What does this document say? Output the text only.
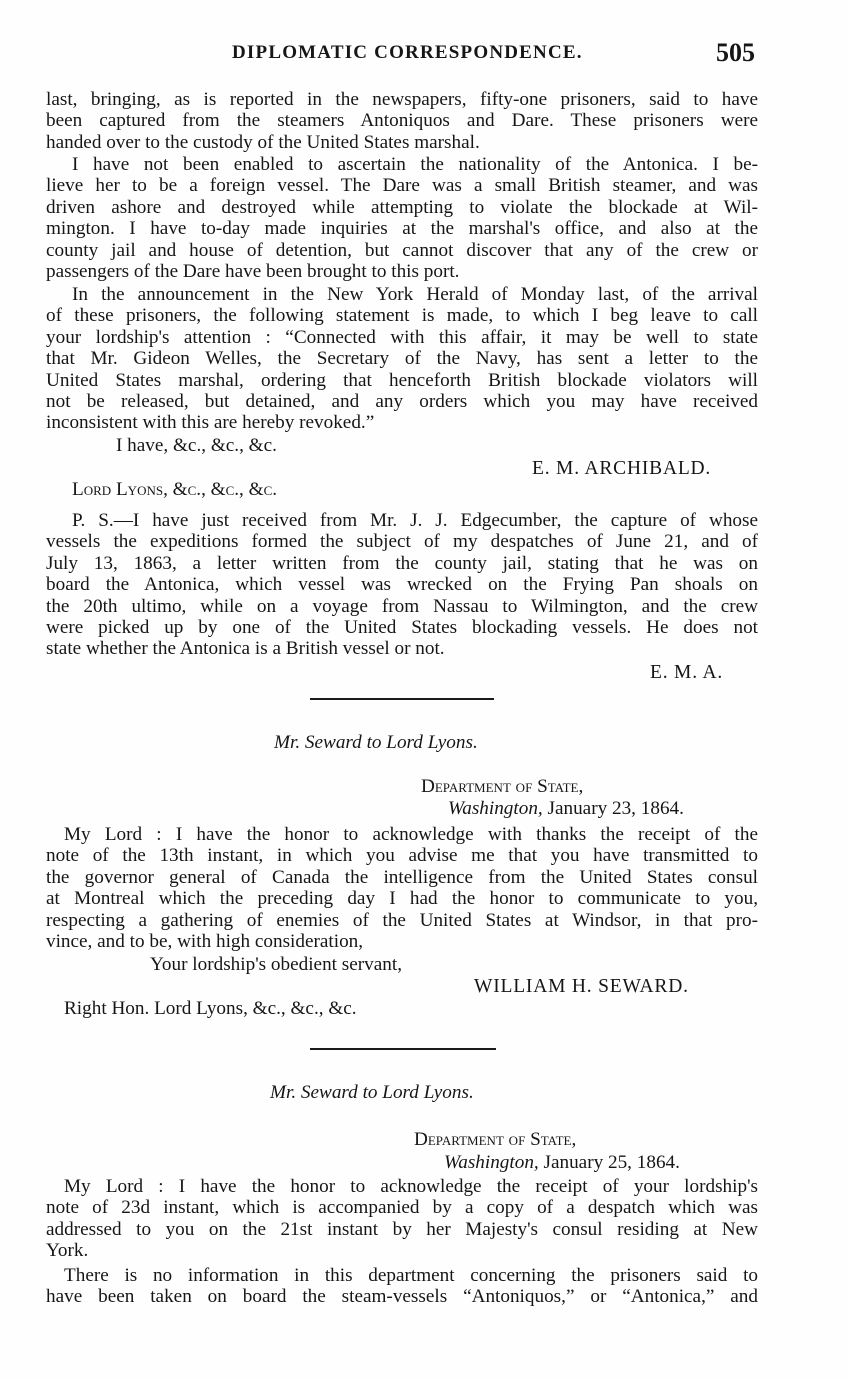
DIPLOMATIC CORRESPONDENCE.	505
last, bringing, as is reported in the newspapers, fifty-one prisoners, said to have
been captured from the steamers Antoniquos and Dare. These prisoners were
handed over to the custody of the United States marshal.
I have not been enabled to ascertain the nationality of the Antonica. I be-
lieve her to be a foreign vessel. The Dare was a small British steamer, and was
driven ashore and destroyed while attempting to violate the blockade at Wil-
mington. I have to-day made inquiries at the marshal's office, and also at the
county jail and house of detention, but cannot discover that any of the crew or
passengers of the Dare have been brought to this port.
In the announcement in the New York Herald of Monday last, of the arrival
of these prisoners, the following statement is made, to which I beg leave to call
your lordship's attention : “Connected with this affair, it may be well to state
that Mr. Gideon Welles, the Secretary of the Navy, has sent a letter to the
United States marshal, ordering that henceforth British blockade violators will
not be released, but detained, and any orders which you may have received
inconsistent with this are hereby revoked.”
I have, &c., &c., &c.
E. M. ARCHIBALD.
Lord Lyons, &c., &c., &c.
P. S.—I have just received from Mr. J. J. Edgecumber, the capture of whose
vessels the expeditions formed the subject of my despatches of June 21, and of
July 13, 1863, a letter written from the county jail, stating that he was on
board the Antonica, which vessel was wrecked on the Frying Pan shoals on
the 20th ultimo, while on a voyage from Nassau to Wilmington, and the crew
were picked up by one of the United States blockading vessels. He does not
state whether the Antonica is a British vessel or not.
E. M. A.
Mr. Seward to Lord Lyons.
Department of State,
Washington, January 23, 1864.
My Lord : I have the honor to acknowledge with thanks the receipt of the
note of the 13th instant, in which you advise me that you have transmitted to
the governor general of Canada the intelligence from the United States consul
at Montreal which the preceding day I had the honor to communicate to you,
respecting a gathering of enemies of the United States at Windsor, in that pro-
vince, and to be, with high consideration,
Your lordship's obedient servant,
WILLIAM H. SEWARD.
Right Hon. Lord Lyons, &c., &c., &c.
Mr. Seward to Lord Lyons.
Department of State,
Washington, January 25, 1864.
My Lord : I have the honor to acknowledge the receipt of your lordship's
note of 23d instant, which is accompanied by a copy of a despatch which was
addressed to you on the 21st instant by her Majesty's consul residing at New
York.
There is no information in this department concerning the prisoners said to
have been taken on board the steam-vessels “Antoniquos,” or “Antonica,” and
